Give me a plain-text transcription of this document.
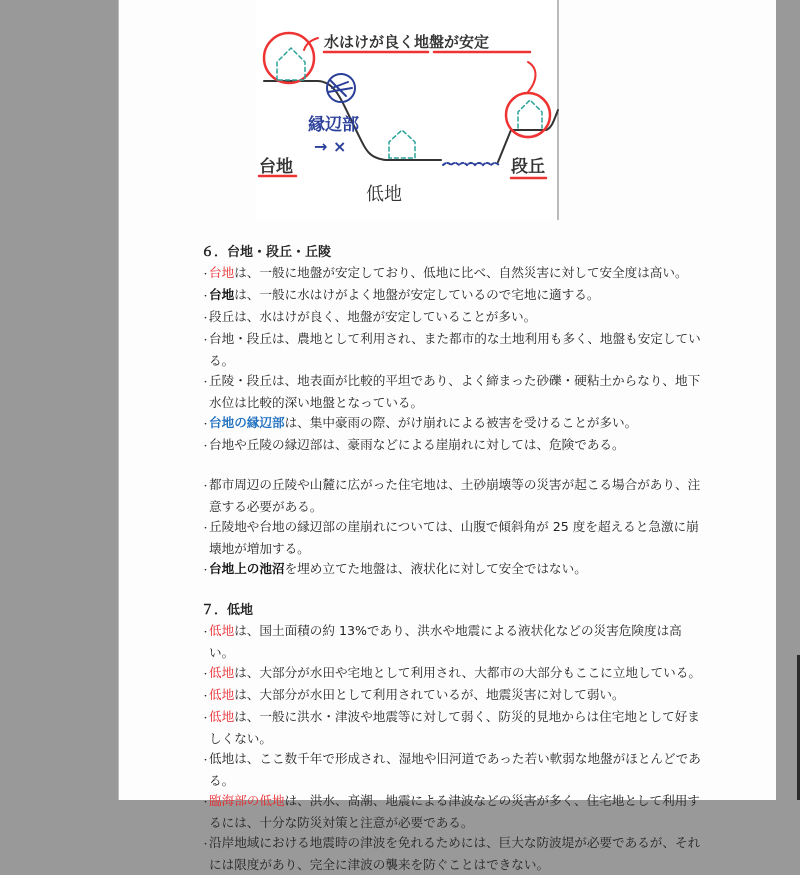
水はけが良く地盤が安定
縁辺部
→ ×
台地
低地
段丘
６．台地・段丘・丘陵
・ 台地は、一般に地盤が安定しており、低地に比べ、自然災害に対して安全度は高い。
・ 台地は、一般に水はけがよく地盤が安定しているので宅地に適する。
・ 段丘は、水はけが良く、地盤が安定していることが多い。
・ 台地・段丘は、農地として利用され、また都市的な土地利用も多く、地盤も安定している。
・ 丘陵・段丘は、地表面が比較的平坦であり、よく締まった砂礫・硬粘土からなり、地下水位は比較的深い地盤となっている。
・ 台地の縁辺部は、集中豪雨の際、がけ崩れによる被害を受けることが多い。
・ 台地や丘陵の縁辺部は、豪雨などによる崖崩れに対しては、危険である。
・ 都市周辺の丘陵や山麓に広がった住宅地は、土砂崩壊等の災害が起こる場合があり、注意する必要がある。
・ 丘陵地や台地の縁辺部の崖崩れについては、山腹で傾斜角が 25 度を超えると急激に崩壊地が増加する。
・ 台地上の池沼を埋め立てた地盤は、液状化に対して安全ではない。
７．低地
・ 低地は、国土面積の約 13%であり、洪水や地震による液状化などの災害危険度は高い。
・ 低地は、大部分が水田や宅地として利用され、大都市の大部分もここに立地している。
・ 低地は、大部分が水田として利用されているが、地震災害に対して弱い。
・ 低地は、一般に洪水・津波や地震等に対して弱く、防災的見地からは住宅地として好ましくない。
・ 低地は、ここ数千年で形成され、湿地や旧河道であった若い軟弱な地盤がほとんどである。
・ 臨海部の低地は、洪水、高潮、地震による津波などの災害が多く、住宅地として利用するには、十分な防災対策と注意が必要である。
・ 沿岸地域における地震時の津波を免れるためには、巨大な防波堤が必要であるが、それには限度があり、完全に津波の襲来を防ぐことはできない。
